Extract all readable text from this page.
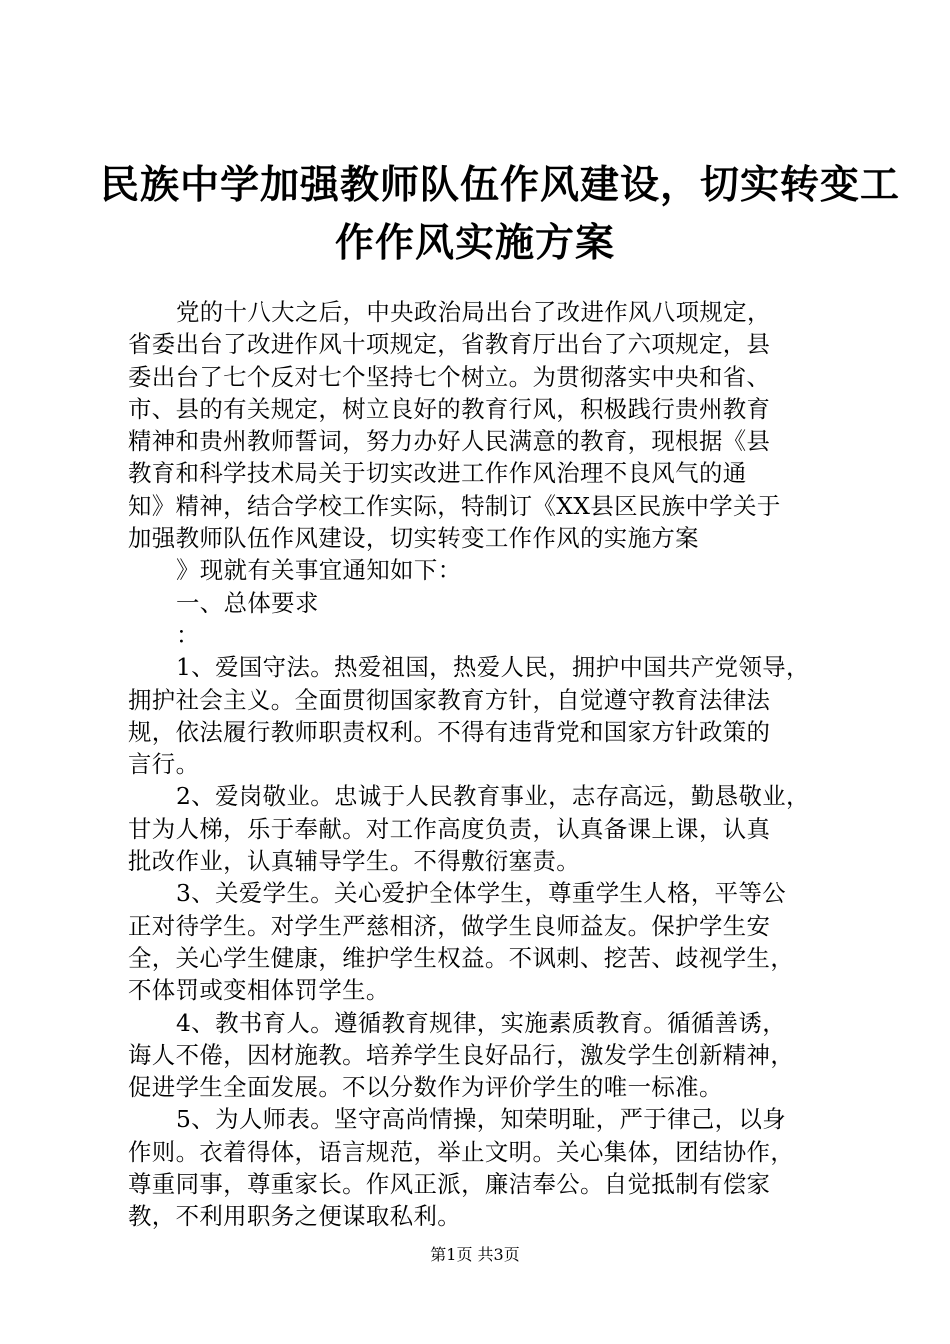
民族中学加强教师队伍作风建设，切实转变工
作作风实施方案
党的十八大之后，中央政治局出台了改进作风八项规定，
省委出台了改进作风十项规定，省教育厅出台了六项规定，县
委出台了七个反对七个坚持七个树立。为贯彻落实中央和省、
市、县的有关规定，树立良好的教育行风，积极践行贵州教育
精神和贵州教师誓词，努力办好人民满意的教育，现根据《县
教育和科学技术局关于切实改进工作作风治理不良风气的通
知》精神，结合学校工作实际，特制订《XX县区民族中学关于
加强教师队伍作风建设，切实转变工作作风的实施方案
》现就有关事宜通知如下：
一、总体要求
：
1、爱国守法。热爱祖国，热爱人民，拥护中国共产党领导，
拥护社会主义。全面贯彻国家教育方针，自觉遵守教育法律法
规，依法履行教师职责权利。不得有违背党和国家方针政策的
言行。
2、爱岗敬业。忠诚于人民教育事业，志存高远，勤恳敬业，
甘为人梯，乐于奉献。对工作高度负责，认真备课上课，认真
批改作业，认真辅导学生。不得敷衍塞责。
3、关爱学生。关心爱护全体学生，尊重学生人格，平等公
正对待学生。对学生严慈相济，做学生良师益友。保护学生安
全，关心学生健康，维护学生权益。不讽刺、挖苦、歧视学生，
不体罚或变相体罚学生。
4、教书育人。遵循教育规律，实施素质教育。循循善诱，
诲人不倦，因材施教。培养学生良好品行，激发学生创新精神，
促进学生全面发展。不以分数作为评价学生的唯一标准。
5、为人师表。坚守高尚情操，知荣明耻，严于律己，以身
作则。衣着得体，语言规范，举止文明。关心集体，团结协作，
尊重同事，尊重家长。作风正派，廉洁奉公。自觉抵制有偿家
教，不利用职务之便谋取私利。
第1页 共3页
